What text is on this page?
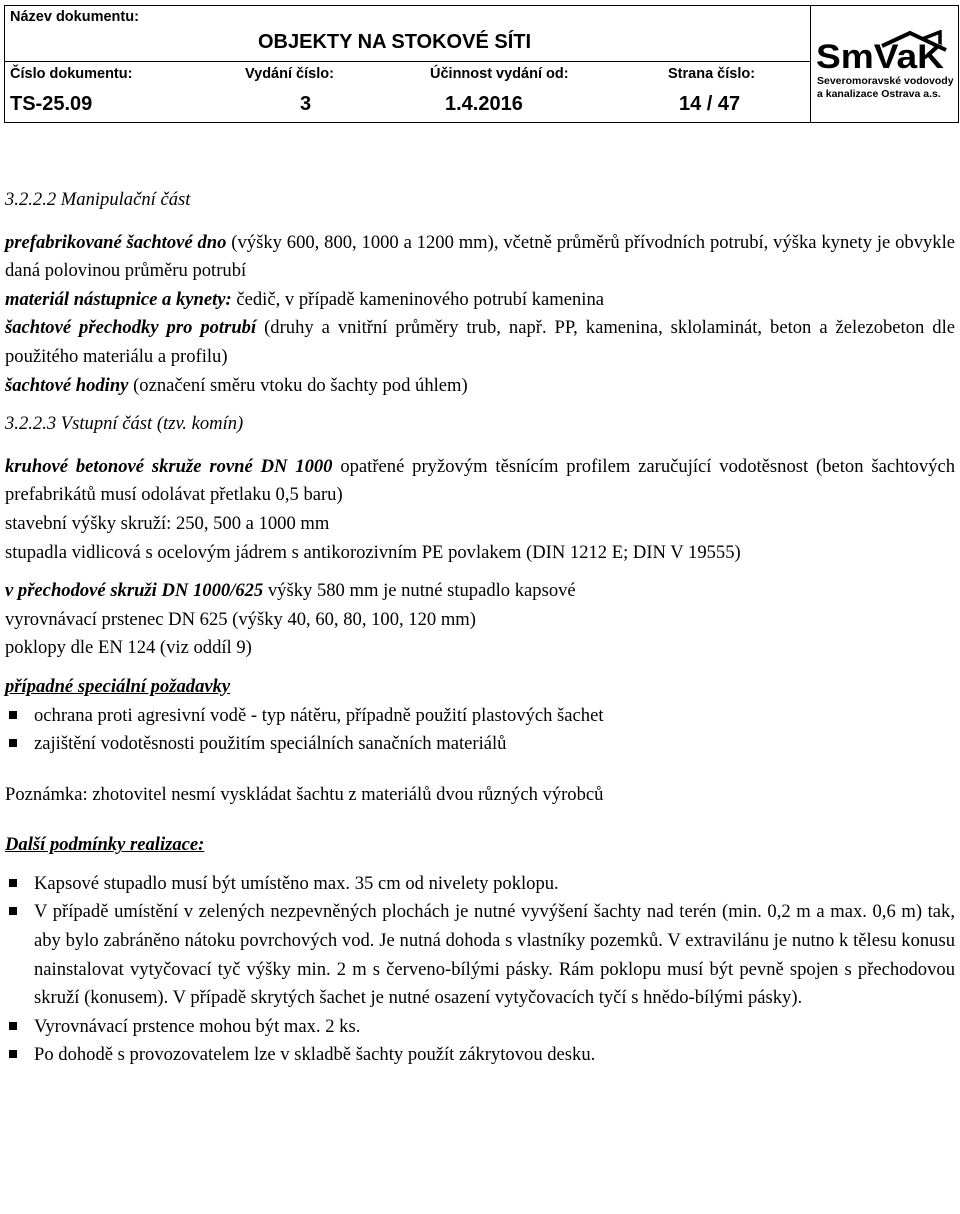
Název dokumentu:
OBJEKTY NA STOKOVÉ SÍTI
Číslo dokumentu:
TS-25.09
Vydání číslo:
3
Účinnost vydání od:
1.4.2016
Strana číslo:
14 / 47
SmVaK
Severomoravské vodovody
a kanalizace Ostrava a.s.

3.2.2.2 Manipulační část

prefabrikované šachtové dno (výšky 600, 800, 1000 a 1200 mm), včetně průměrů přívodních potrubí, výška kynety je obvykle daná polovinou průměru potrubí

materiál nástupnice a kynety: čedič, v případě kameninového potrubí kamenina

šachtové přechodky pro potrubí (druhy a vnitřní průměry trub, např. PP, kamenina, sklolaminát, beton a železobeton dle použitého materiálu a profilu)

šachtové hodiny (označení směru vtoku do šachty pod úhlem)

3.2.2.3 Vstupní část (tzv. komín)

kruhové betonové skruže rovné DN 1000 opatřené pryžovým těsnícím profilem zaručující vodotěsnost (beton šachtových prefabrikátů musí odolávat přetlaku 0,5 baru)

stavební výšky skruží: 250, 500 a 1000 mm

stupadla vidlicová s ocelovým jádrem s antikorozivním PE povlakem (DIN 1212 E; DIN V 19555)

v přechodové skruži DN 1000/625 výšky 580 mm je nutné stupadlo kapsové

vyrovnávací prstenec DN 625 (výšky 40, 60, 80, 100, 120 mm)

poklopy dle EN 124 (viz oddíl 9)

případné speciální požadavky

ochrana proti agresivní vodě - typ nátěru, případně použití plastových šachet

zajištění vodotěsnosti použitím speciálních sanačních materiálů

Poznámka: zhotovitel nesmí vyskládat šachtu z materiálů dvou různých výrobců

Další podmínky realizace:

Kapsové stupadlo musí být umístěno max. 35 cm od nivelety poklopu.

V případě umístění v zelených nezpevněných plochách je nutné vyvýšení šachty nad terén (min. 0,2 m a max. 0,6 m) tak, aby bylo zabráněno nátoku povrchových vod. Je nutná dohoda s vlastníky pozemků. V extravilánu je nutno k tělesu konusu nainstalovat vytyčovací tyč výšky min. 2 m s červeno-bílými pásky. Rám poklopu musí být pevně spojen s přechodovou skruží (konusem). V případě skrytých šachet je nutné osazení vytyčovacích tyčí s hnědo-bílými pásky).

Vyrovnávací prstence mohou být max. 2 ks.

Po dohodě s provozovatelem lze v skladbě šachty použít zákrytovou desku.
